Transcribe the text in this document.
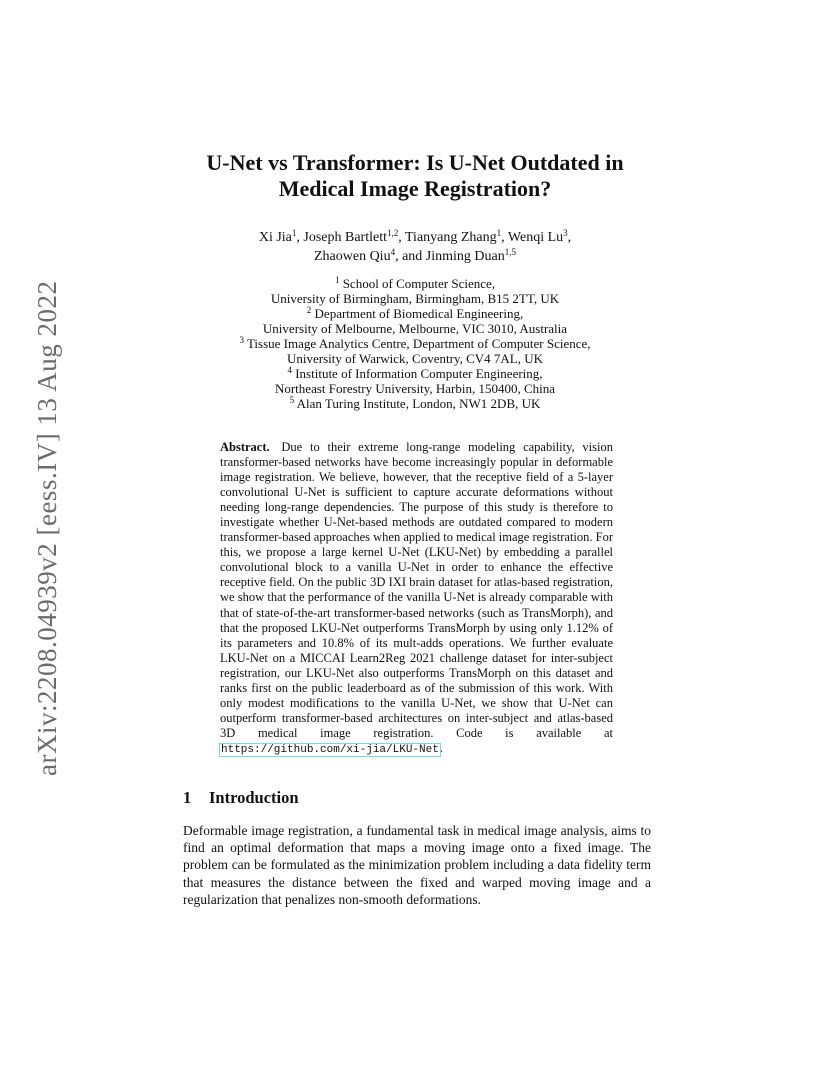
arXiv:2208.04939v2 [eess.IV] 13 Aug 2022
U-Net vs Transformer: Is U-Net Outdated in
Medical Image Registration?
Xi Jia$^1$, Joseph Bartlett$^{1,2}$, Tianyang Zhang$^1$, Wenqi Lu$^3$,
Zhaowen Qiu$^4$, and Jinming Duan$^{1,5}$
$^1$ School of Computer Science,
University of Birmingham, Birmingham, B15 2TT, UK
$^2$ Department of Biomedical Engineering,
University of Melbourne, Melbourne, VIC 3010, Australia
$^3$ Tissue Image Analytics Centre, Department of Computer Science,
University of Warwick, Coventry, CV4 7AL, UK
$^4$ Institute of Information Computer Engineering,
Northeast Forestry University, Harbin, 150400, China
$^5$ Alan Turing Institute, London, NW1 2DB, UK
Abstract. Due to their extreme long-range modeling capability, vision transformer-based networks have become increasingly popular in deformable image registration. We believe, however, that the receptive field of a 5-layer convolutional U-Net is sufficient to capture accurate deformations without needing long-range dependencies. The purpose of this study is therefore to investigate whether U-Net-based methods are outdated compared to modern transformer-based approaches when applied to medical image registration. For this, we propose a large kernel U-Net (LKU-Net) by embedding a parallel convolutional block to a vanilla U-Net in order to enhance the effective receptive field. On the public 3D IXI brain dataset for atlas-based registration, we show that the performance of the vanilla U-Net is already comparable with that of state-of-the-art transformer-based networks (such as TransMorph), and that the proposed LKU-Net outperforms TransMorph by using only 1.12% of its parameters and 10.8% of its mult-adds operations. We further evaluate LKU-Net on a MICCAI Learn2Reg 2021 challenge dataset for inter-subject registration, our LKU-Net also outperforms TransMorph on this dataset and ranks first on the public leaderboard as of the submission of this work. With only modest modifications to the vanilla U-Net, we show that U-Net can outperform transformer-based architectures on inter-subject and atlas-based 3D medical image registration. Code is available at https://github.com/xi-jia/LKU-Net.
1 Introduction
Deformable image registration, a fundamental task in medical image analysis, aims to find an optimal deformation that maps a moving image onto a fixed image. The problem can be formulated as the minimization problem including a data fidelity term that measures the distance between the fixed and warped moving image and a regularization that penalizes non-smooth deformations.
